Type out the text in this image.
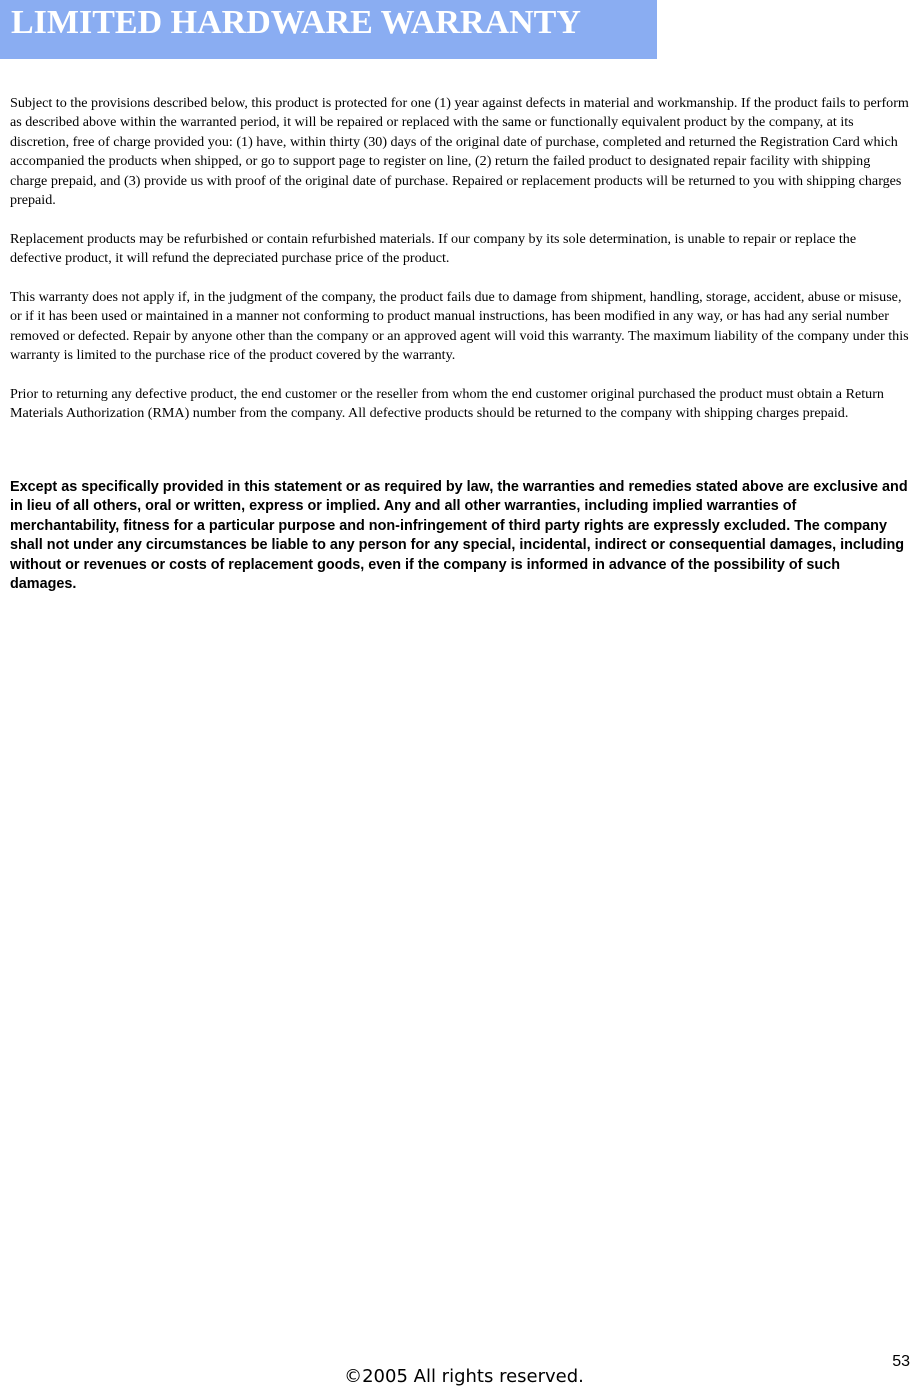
LIMITED HARDWARE WARRANTY

Subject to the provisions described below, this product is protected for one (1) year against defects in material and workmanship. If the product fails to perform as described above within the warranted period, it will be repaired or replaced with the same or functionally equivalent product by the company, at its discretion, free of charge provided you: (1) have, within thirty (30) days of the original date of purchase, completed and returned the Registration Card which accompanied the products when shipped, or go to support page to register on line, (2) return the failed product to designated repair facility with shipping charge prepaid, and (3) provide us with proof of the original date of purchase. Repaired or replacement products will be returned to you with shipping charges prepaid.

Replacement products may be refurbished or contain refurbished materials. If our company by its sole determination, is unable to repair or replace the defective product, it will refund the depreciated purchase price of the product.

This warranty does not apply if, in the judgment of the company, the product fails due to damage from shipment, handling, storage, accident, abuse or misuse, or if it has been used or maintained in a manner not conforming to product manual instructions, has been modified in any way, or has had any serial number removed or defected. Repair by anyone other than the company or an approved agent will void this warranty. The maximum liability of the company under this warranty is limited to the purchase rice of the product covered by the warranty.

Prior to returning any defective product, the end customer or the reseller from whom the end customer original purchased the product must obtain a Return Materials Authorization (RMA) number from the company. All defective products should be returned to the company with shipping charges prepaid.

Except as specifically provided in this statement or as required by law, the warranties and remedies stated above are exclusive and in lieu of all others, oral or written, express or implied. Any and all other warranties, including implied warranties of merchantability, fitness for a particular purpose and non-infringement of third party rights are expressly excluded. The company shall not under any circumstances be liable to any person for any special, incidental, indirect or consequential damages, including without or revenues or costs of replacement goods, even if the company is informed in advance of the possibility of such damages.

©2005 All rights reserved.
53
